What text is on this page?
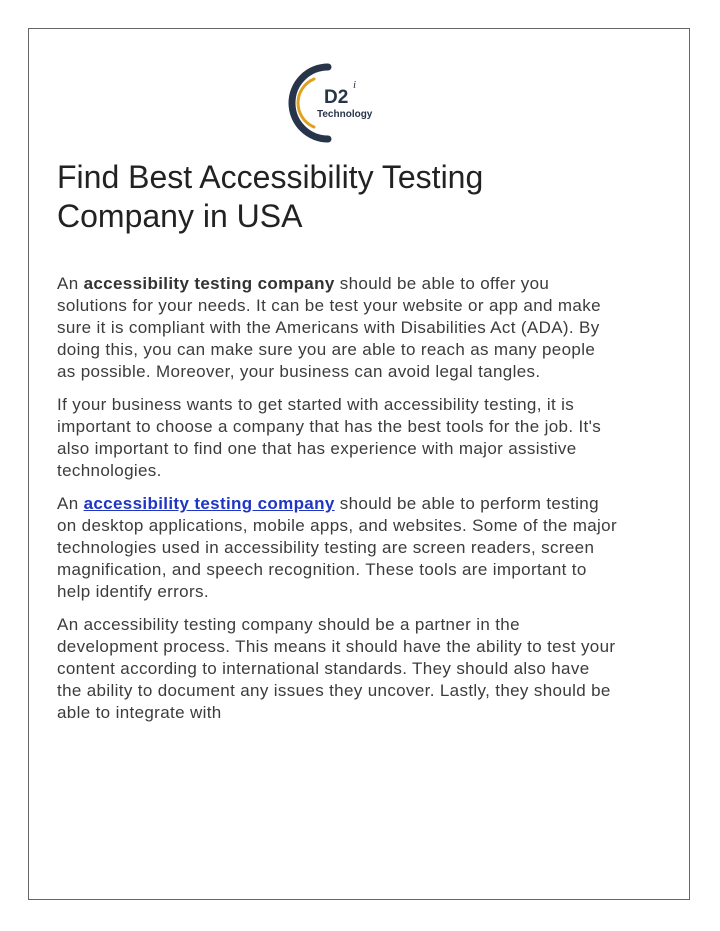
D2
i
Technology
Find Best Accessibility Testing Company in USA

An accessibility testing company should be able to offer you solutions for your needs. It can be test your website or app and make sure it is compliant with the Americans with Disabilities Act (ADA). By doing this, you can make sure you are able to reach as many people as possible. Moreover, your business can avoid legal tangles.

If your business wants to get started with accessibility testing, it is important to choose a company that has the best tools for the job. It's also important to find one that has experience with major assistive technologies.

An accessibility testing company should be able to perform testing on desktop applications, mobile apps, and websites. Some of the major technologies used in accessibility testing are screen readers, screen magnification, and speech recognition. These tools are important to help identify errors.

An accessibility testing company should be a partner in the development process. This means it should have the ability to test your content according to international standards. They should also have the ability to document any issues they uncover. Lastly, they should be able to integrate with
